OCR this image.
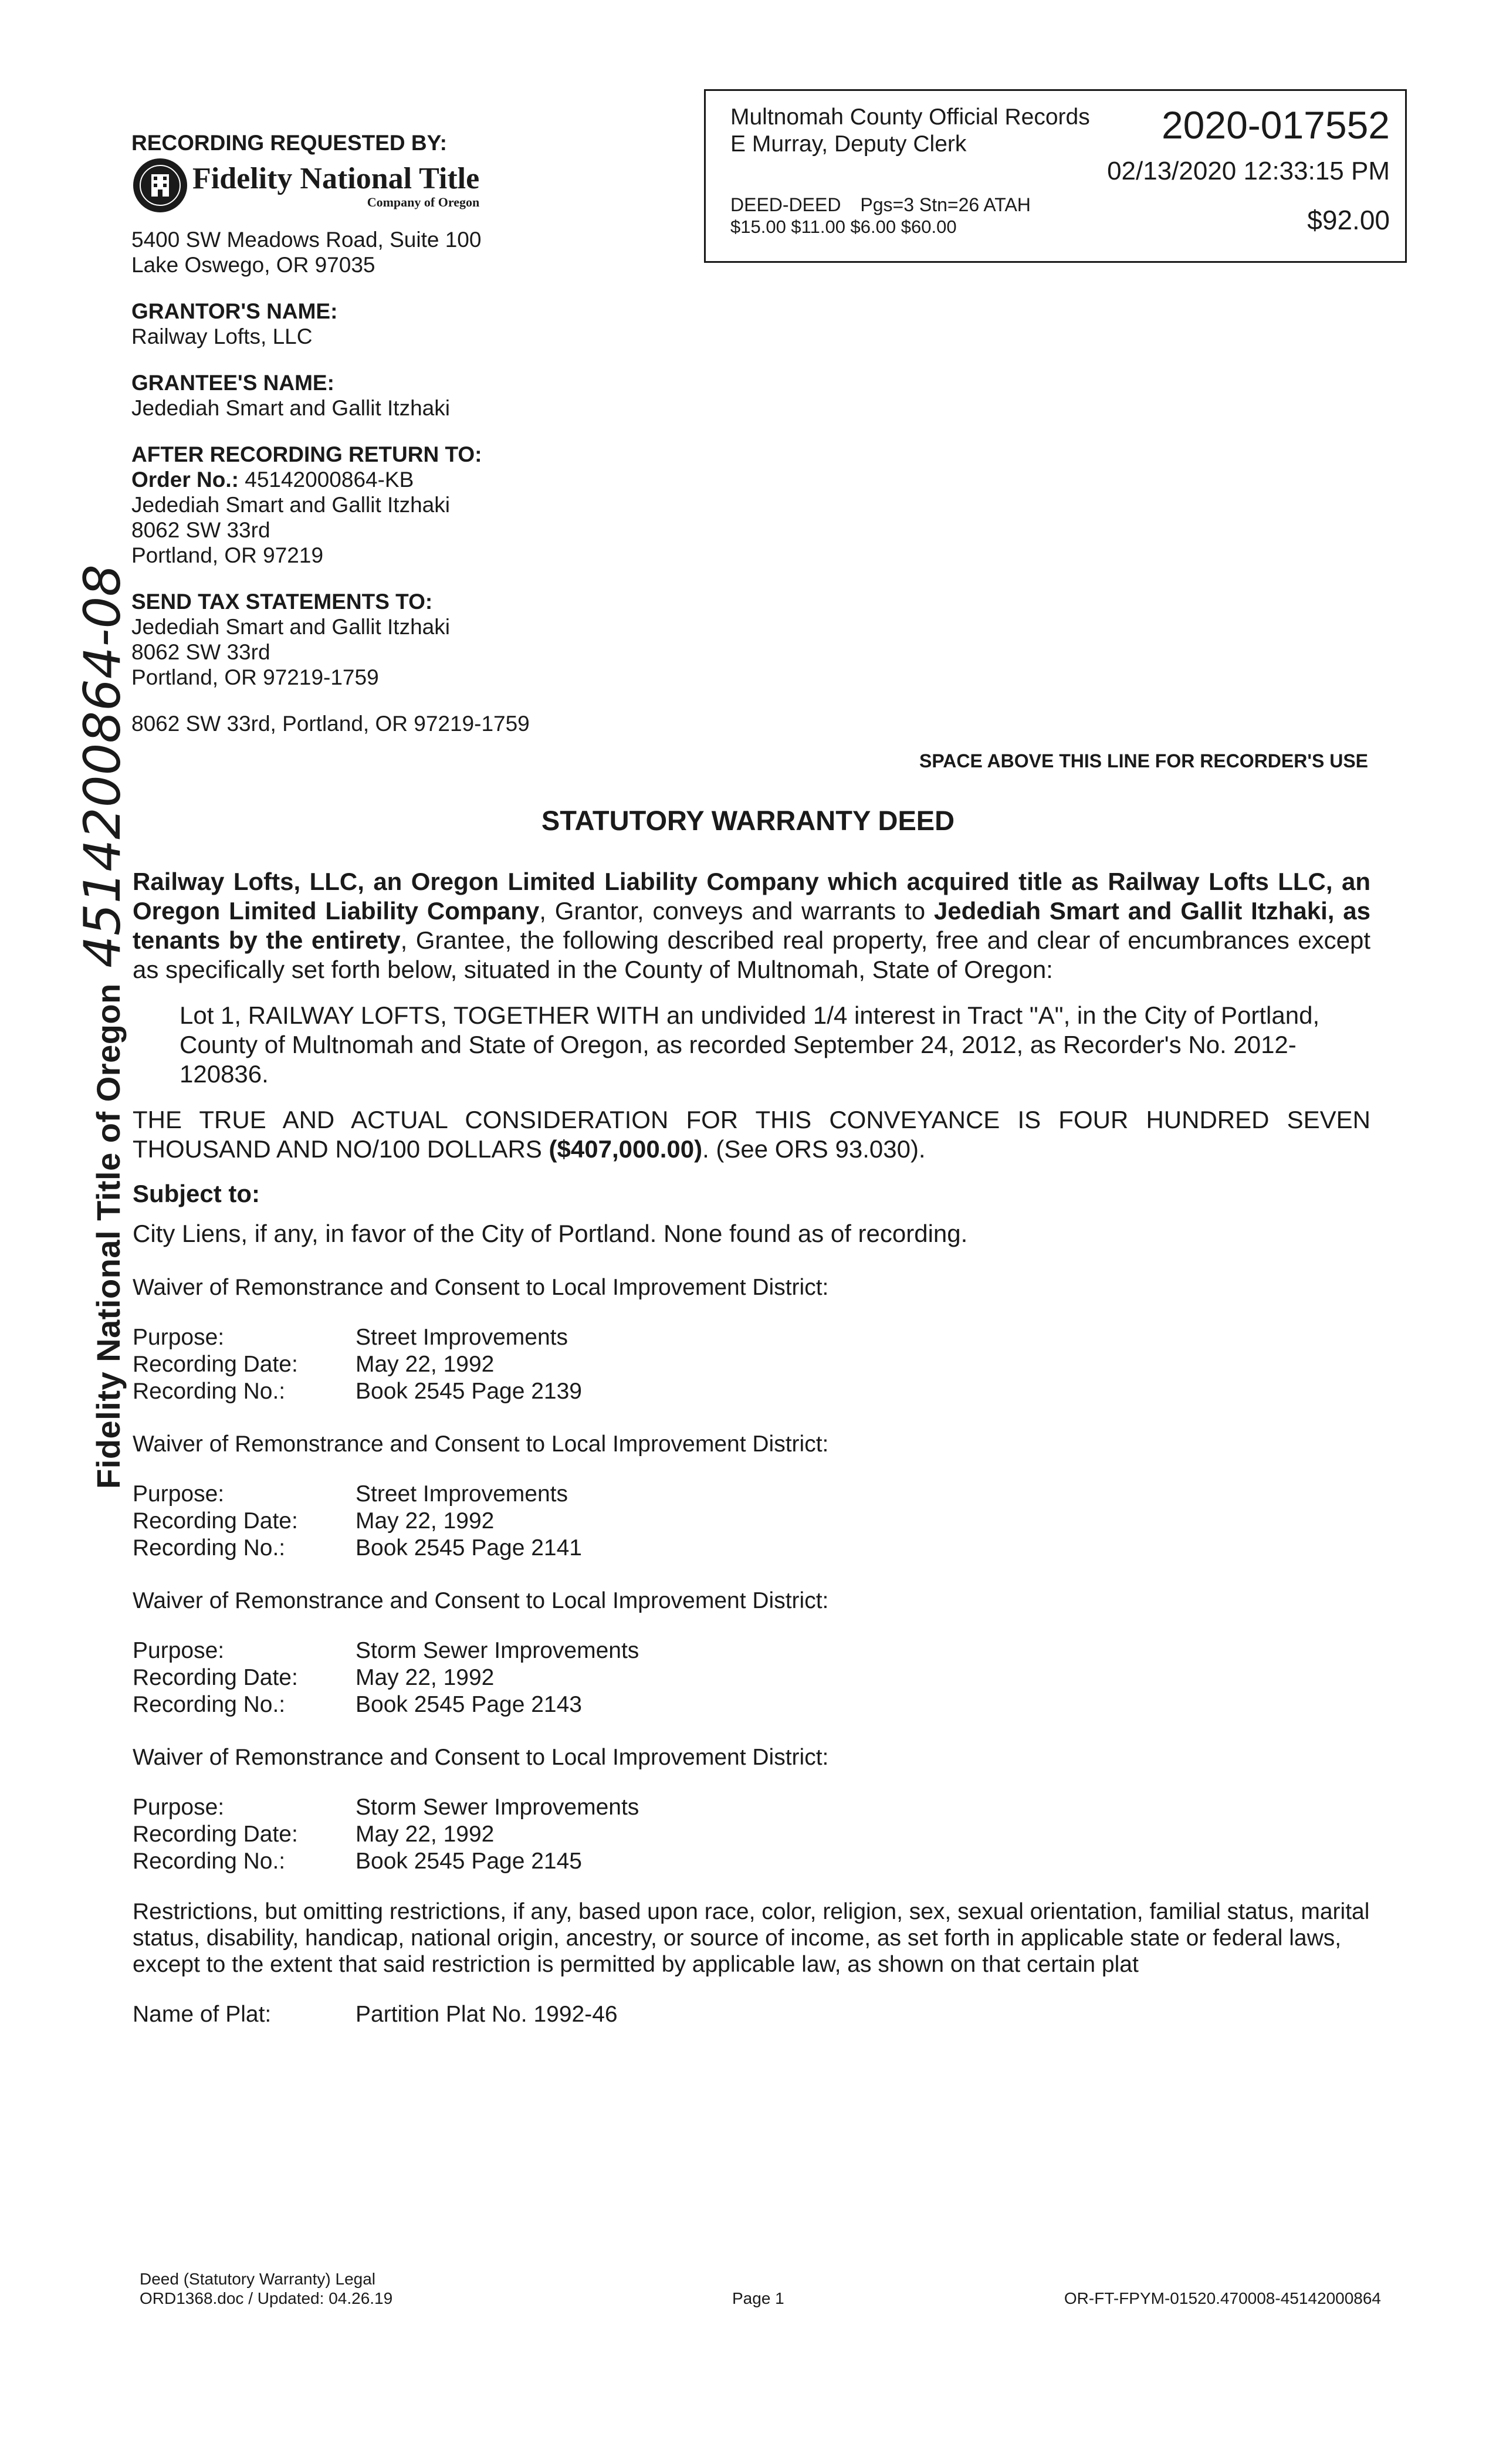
RECORDING REQUESTED BY:
Fidelity National Title
Company of Oregon
5400 SW Meadows Road, Suite 100
Lake Oswego, OR 97035
GRANTOR'S NAME:
Railway Lofts, LLC
GRANTEE'S NAME:
Jedediah Smart and Gallit Itzhaki
AFTER RECORDING RETURN TO:
Order No.: 45142000864-KB
Jedediah Smart and Gallit Itzhaki
8062 SW 33rd
Portland, OR 97219
SEND TAX STATEMENTS TO:
Jedediah Smart and Gallit Itzhaki
8062 SW 33rd
Portland, OR 97219-1759
8062 SW 33rd, Portland, OR 97219-1759
Multnomah County Official Records
E Murray, Deputy Clerk	2020-017552
02/13/2020 12:33:15 PM
DEED-DEED Pgs=3 Stn=26 ATAH
$15.00 $11.00 $6.00 $60.00	$92.00
SPACE ABOVE THIS LINE FOR RECORDER'S USE
STATUTORY WARRANTY DEED
Railway Lofts, LLC, an Oregon Limited Liability Company which acquired title as Railway Lofts LLC, an Oregon Limited Liability Company, Grantor, conveys and warrants to Jedediah Smart and Gallit Itzhaki, as tenants by the entirety, Grantee, the following described real property, free and clear of encumbrances except as specifically set forth below, situated in the County of Multnomah, State of Oregon:
Lot 1, RAILWAY LOFTS, TOGETHER WITH an undivided 1/4 interest in Tract "A", in the City of Portland, County of Multnomah and State of Oregon, as recorded September 24, 2012, as Recorder's No. 2012-120836.
THE TRUE AND ACTUAL CONSIDERATION FOR THIS CONVEYANCE IS FOUR HUNDRED SEVEN THOUSAND AND NO/100 DOLLARS ($407,000.00). (See ORS 93.030).
Subject to:
City Liens, if any, in favor of the City of Portland. None found as of recording.
Waiver of Remonstrance and Consent to Local Improvement District:
Purpose:	Street Improvements
Recording Date:	May 22, 1992
Recording No.:	Book 2545 Page 2139
Waiver of Remonstrance and Consent to Local Improvement District:
Purpose:	Street Improvements
Recording Date:	May 22, 1992
Recording No.:	Book 2545 Page 2141
Waiver of Remonstrance and Consent to Local Improvement District:
Purpose:	Storm Sewer Improvements
Recording Date:	May 22, 1992
Recording No.:	Book 2545 Page 2143
Waiver of Remonstrance and Consent to Local Improvement District:
Purpose:	Storm Sewer Improvements
Recording Date:	May 22, 1992
Recording No.:	Book 2545 Page 2145
Restrictions, but omitting restrictions, if any, based upon race, color, religion, sex, sexual orientation, familial status, marital status, disability, handicap, national origin, ancestry, or source of income, as set forth in applicable state or federal laws, except to the extent that said restriction is permitted by applicable law, as shown on that certain plat
Name of Plat:	Partition Plat No. 1992-46
Fidelity National Title of Oregon 45142008​64-08
Deed (Statutory Warranty) Legal
ORD1368.doc / Updated: 04.26.19	Page 1	OR-FT-FPYM-01520.470008-45142000864
